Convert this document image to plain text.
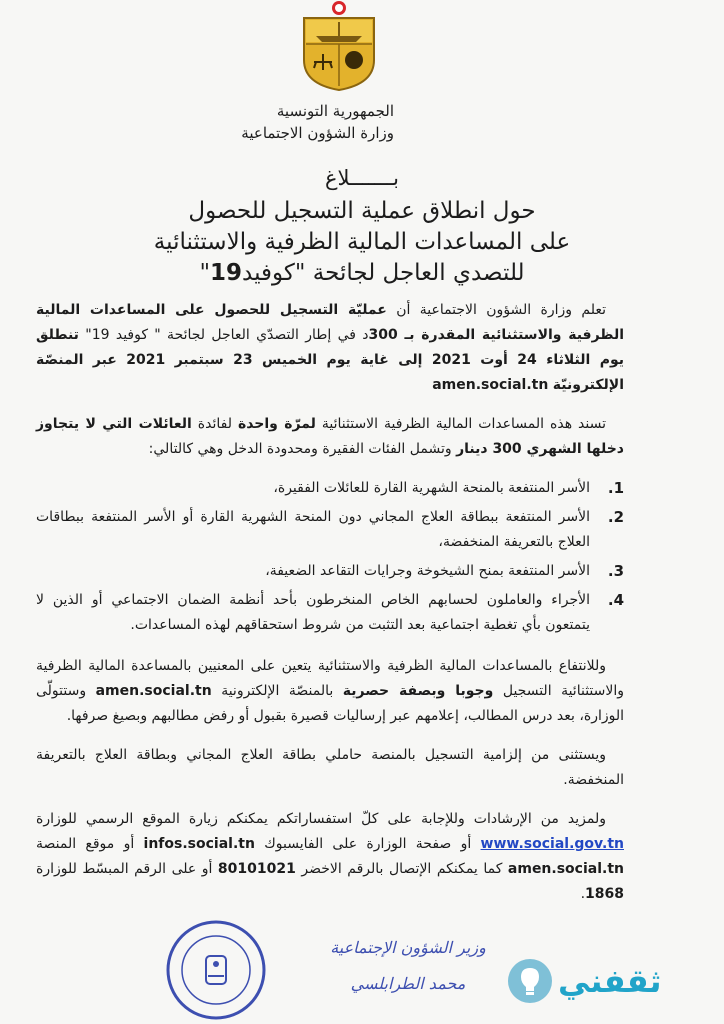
الجمهورية التونسية
وزارة الشؤون الاجتماعية
بـــــــلاغ
حول انطلاق عملية التسجيل للحصول
على المساعدات المالية الظرفية والاستثنائية
للتصدي العاجل لجائحة "كوفيد19"

تعلم وزارة الشؤون الاجتماعية أن عمليّة التسجيل للحصول على المساعدات المالية الظرفية والاستثنائية المقدرة بـ 300د في إطار التصدّي العاجل لجائحة " كوفيد 19" تنطلق يوم الثلاثاء 24 أوت 2021 إلى غاية يوم الخميس 23 سبتمبر 2021 عبر المنصّة الإلكترونيّة amen.social.tn

تسند هذه المساعدات المالية الظرفية الاستثنائية لمرّة واحدة لفائدة العائلات التي لا يتجاوز دخلها الشهري 300 دينار وتشمل الفئات الفقيرة ومحدودة الدخل وهي كالتالي:

1.
الأسر المنتفعة بالمنحة الشهرية القارة للعائلات الفقيرة،
2.
الأسر المنتفعة ببطاقة العلاج المجاني دون المنحة الشهرية القارة أو الأسر المنتفعة ببطاقات العلاج بالتعريفة المنخفضة،
3.
الأسر المنتفعة بمنح الشيخوخة وجرايات التقاعد الضعيفة،
4.
الأجراء والعاملون لحسابهم الخاص المنخرطون بأحد أنظمة الضمان الاجتماعي أو الذين لا يتمتعون بأي تغطية اجتماعية بعد التثبت من شروط استحقاقهم لهذه المساعدات.

وللانتفاع بالمساعدات المالية الظرفية والاستثنائية يتعين على المعنيين بالمساعدة المالية الظرفية والاستثنائية التسجيل وجوبا وبصفة حصرية بالمنصّة الإلكترونية amen.social.tn وستتولّى الوزارة، بعد درس المطالب، إعلامهم عبر إرساليات قصيرة بقبول أو رفض مطالبهم وبصيغ صرفها.

ويستثنى من إلزامية التسجيل بالمنصة حاملي بطاقة العلاج المجاني وبطاقة العلاج بالتعريفة المنخفضة.

ولمزيد من الإرشادات وللإجابة على كلّ استفساراتكم يمكنكم زيارة الموقع الرسمي للوزارة www.social.gov.tn أو صفحة الوزارة على الفايسبوك infos.social.tn أو موقع المنصة amen.social.tn كما يمكنكم الإتصال بالرقم الاخضر 80101021 أو على الرقم المبسّط للوزارة 1868.

وزير الشؤون الإجتماعية
محمد الطرابلسي	ثقفني
